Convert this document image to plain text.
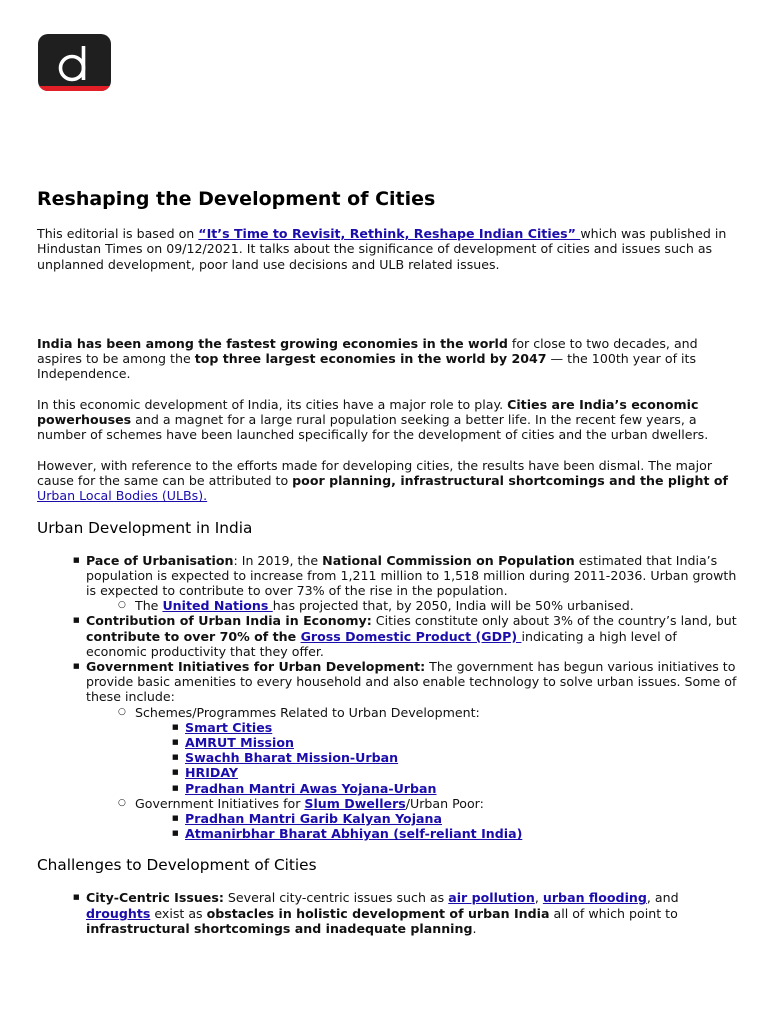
Reshaping the Development of Cities

This editorial is based on “It’s Time to Revisit, Rethink, Reshape Indian Cities” which was published in Hindustan Times on 09/12/2021. It talks about the significance of development of cities and issues such as unplanned development, poor land use decisions and ULB related issues.

India has been among the fastest growing economies in the world for close to two decades, and aspires to be among the top three largest economies in the world by 2047 — the 100th year of its Independence.

In this economic development of India, its cities have a major role to play. Cities are India’s economic powerhouses and a magnet for a large rural population seeking a better life. In the recent few years, a number of schemes have been launched specifically for the development of cities and the urban dwellers.

However, with reference to the efforts made for developing cities, the results have been dismal. The major cause for the same can be attributed to poor planning, infrastructural shortcomings and the plight of Urban Local Bodies (ULBs).

Urban Development in India
■ Pace of Urbanisation: In 2019, the National Commission on Population estimated that India’s population is expected to increase from 1,211 million to 1,518 million during 2011-2036. Urban growth is expected to contribute to over 73% of the rise in the population.
○ The United Nations has projected that, by 2050, India will be 50% urbanised.
■ Contribution of Urban India in Economy: Cities constitute only about 3% of the country’s land, but contribute to over 70% of the Gross Domestic Product (GDP) indicating a high level of economic productivity that they offer.
■ Government Initiatives for Urban Development: The government has begun various initiatives to provide basic amenities to every household and also enable technology to solve urban issues. Some of these include:
○ Schemes/Programmes Related to Urban Development:
■ Smart Cities
■ AMRUT Mission
■ Swachh Bharat Mission-Urban
■ HRIDAY
■ Pradhan Mantri Awas Yojana-Urban
○ Government Initiatives for Slum Dwellers/Urban Poor:
■ Pradhan Mantri Garib Kalyan Yojana
■ Atmanirbhar Bharat Abhiyan (self-reliant India)
Challenges to Development of Cities
■ City-Centric Issues: Several city-centric issues such as air pollution, urban flooding, and droughts exist as obstacles in holistic development of urban India all of which point to infrastructural shortcomings and inadequate planning.
